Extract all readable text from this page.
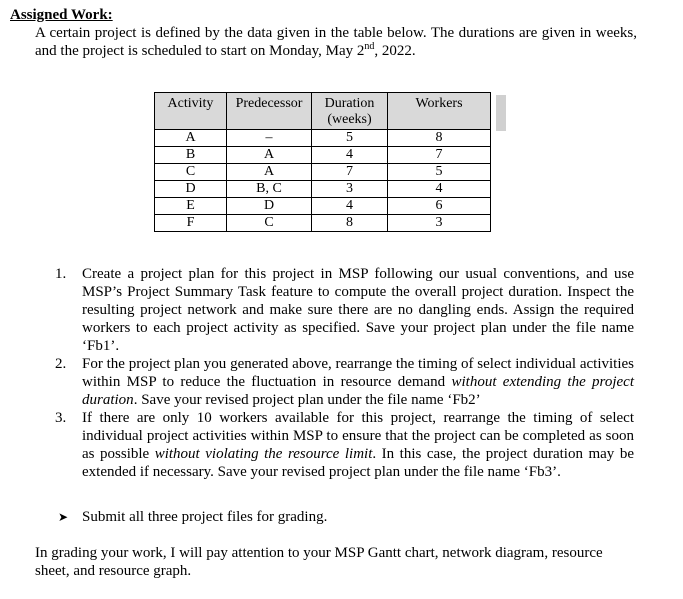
Assigned Work:
A certain project is defined by the data given in the table below. The durations are given in weeks, and the project is scheduled to start on Monday, May 2nd, 2022.
Activity	Predecessor	Duration (weeks)	Workers
A	–	5	8
B	A	4	7
C	A	7	5
D	B, C	3	4
E	D	4	6
F	C	8	3
1. Create a project plan for this project in MSP following our usual conventions, and use MSP’s Project Summary Task feature to compute the overall project duration. Inspect the resulting project network and make sure there are no dangling ends. Assign the required workers to each project activity as specified. Save your project plan under the file name ‘Fb1’.
2. For the project plan you generated above, rearrange the timing of select individual activities within MSP to reduce the fluctuation in resource demand without extending the project duration. Save your revised project plan under the file name ‘Fb2’
3. If there are only 10 workers available for this project, rearrange the timing of select individual project activities within MSP to ensure that the project can be completed as soon as possible without violating the resource limit. In this case, the project duration may be extended if necessary. Save your revised project plan under the file name ‘Fb3’.
➤ Submit all three project files for grading.
In grading your work, I will pay attention to your MSP Gantt chart, network diagram, resource sheet, and resource graph.
